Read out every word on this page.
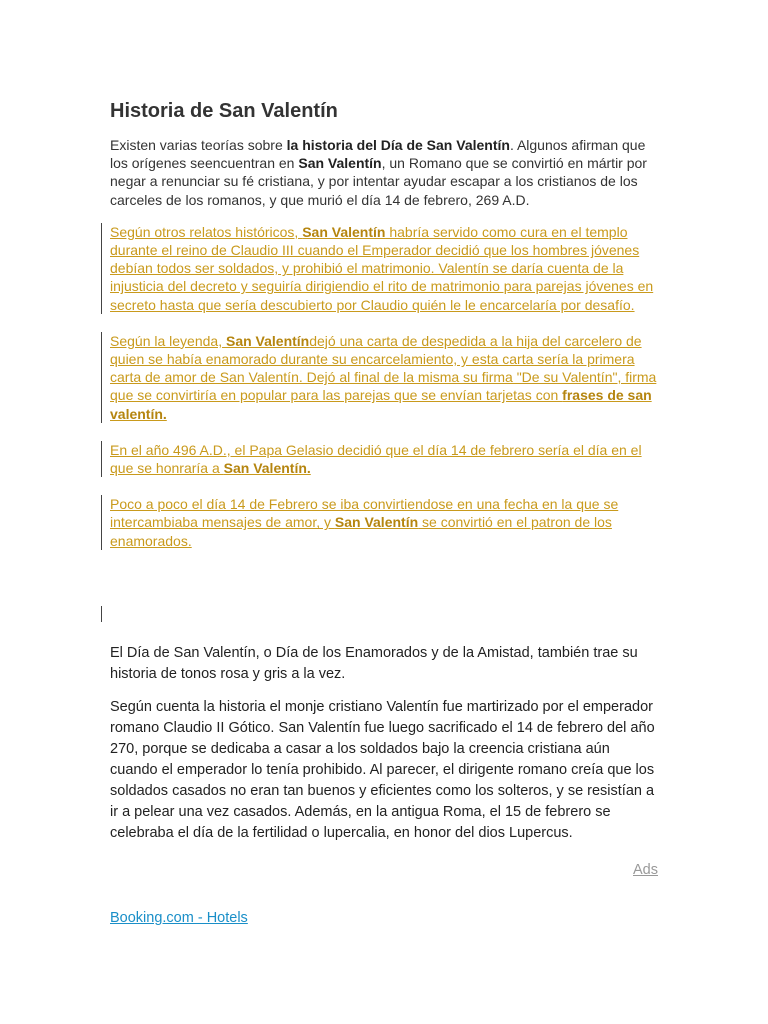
Historia de San Valentín

Existen varias teorías sobre la historia del Día de San Valentín. Algunos afirman que los orígenes seencuentran en San Valentín, un Romano que se convirtió en mártir por negar a renunciar su fé cristiana, y por intentar ayudar escapar a los cristianos de los carceles de los romanos, y que murió el día 14 de febrero, 269 A.D.

Según otros relatos históricos, San Valentín habría servido como cura en el templo durante el reino de Claudio III cuando el Emperador decidió que los hombres jóvenes debían todos ser soldados, y prohibió el matrimonio. Valentín se daría cuenta de la injusticia del decreto y seguiría dirigiendio el rito de matrimonio para parejas jóvenes en secreto hasta que sería descubierto por Claudio quién le le encarcelaría por desafío.

Según la leyenda, San Valentíndejó una carta de despedida a la hija del carcelero de quien se había enamorado durante su encarcelamiento, y esta carta sería la primera carta de amor de San Valentín. Dejó al final de la misma su firma "De su Valentín", firma que se convirtiría en popular para las parejas que se envían tarjetas con frases de san valentín.

En el año 496 A.D., el Papa Gelasio decidió que el día 14 de febrero sería el día en el que se honraría a San Valentín.

Poco a poco el día 14 de Febrero se iba convirtiendose en una fecha en la que se intercambiaba mensajes de amor, y San Valentín se convirtió en el patron de los enamorados.

El Día de San Valentín, o Día de los Enamorados y de la Amistad, también trae su historia de tonos rosa y gris a la vez.

Según cuenta la historia el monje cristiano Valentín fue martirizado por el emperador romano Claudio II Gótico. San Valentín fue luego sacrificado el 14 de febrero del año 270, porque se dedicaba a casar a los soldados bajo la creencia cristiana aún cuando el emperador lo tenía prohibido. Al parecer, el dirigente romano creía que los soldados casados no eran tan buenos y eficientes como los solteros, y se resistían a ir a pelear una vez casados. Además, en la antigua Roma, el 15 de febrero se celebraba el día de la fertilidad o lupercalia, en honor del dios Lupercus.

Ads
Booking.com - Hotels
